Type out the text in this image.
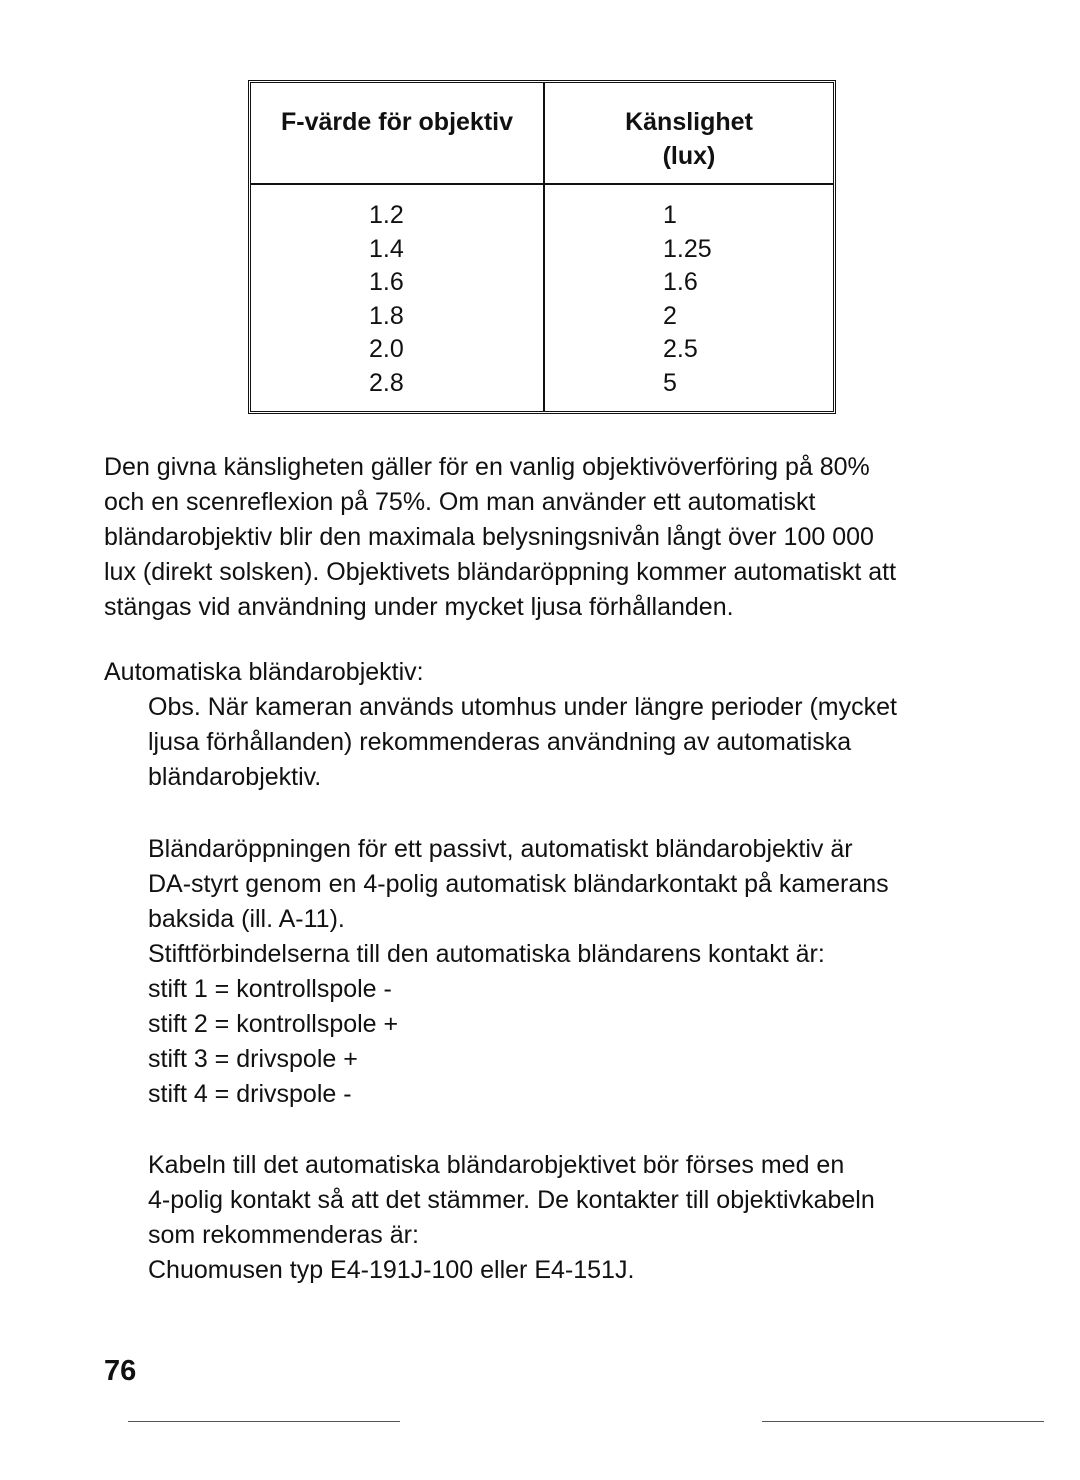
F-värde för objektiv	Känslighet
(lux)
1.2
1.4
1.6
1.8
2.0
2.8
1
1.25
1.6
2
2.5
5
Den givna känsligheten gäller för en vanlig objektivöverföring på 80%
och en scenreflexion på 75%. Om man använder ett automatiskt
bländarobjektiv blir den maximala belysningsnivån långt över 100 000
lux (direkt solsken). Objektivets bländaröppning kommer automatiskt att
stängas vid användning under mycket ljusa förhållanden.
Automatiska bländarobjektiv:
Obs. När kameran används utomhus under längre perioder (mycket
ljusa förhållanden) rekommenderas användning av automatiska
bländarobjektiv.
Bländaröppningen för ett passivt, automatiskt bländarobjektiv är
DA-styrt genom en 4-polig automatisk bländarkontakt på kamerans
baksida (ill. A-11).
Stiftförbindelserna till den automatiska bländarens kontakt är:
stift 1 = kontrollspole -
stift 2 = kontrollspole +
stift 3 = drivspole +
stift 4 = drivspole -
Kabeln till det automatiska bländarobjektivet bör förses med en
4-polig kontakt så att det stämmer. De kontakter till objektivkabeln
som rekommenderas är:
Chuomusen typ E4-191J-100 eller E4-151J.
76
